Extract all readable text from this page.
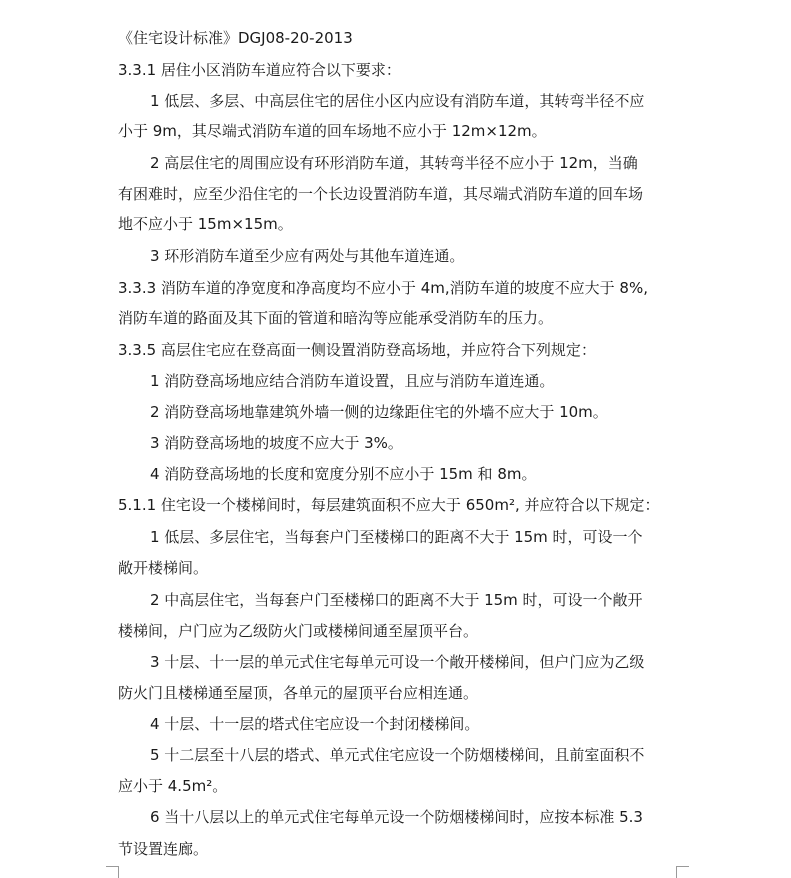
《住宅设计标准》DGJ08-20-2013
3.3.1 居住小区消防车道应符合以下要求：
1 低层、多层、中高层住宅的居住小区内应设有消防车道，其转弯半径不应
小于 9m，其尽端式消防车道的回车场地不应小于 12m×12m。
2 高层住宅的周围应设有环形消防车道，其转弯半径不应小于 12m，当确
有困难时，应至少沿住宅的一个长边设置消防车道，其尽端式消防车道的回车场
地不应小于 15m×15m。
3 环形消防车道至少应有两处与其他车道连通。
3.3.3 消防车道的净宽度和净高度均不应小于 4m,消防车道的坡度不应大于 8%,
消防车道的路面及其下面的管道和暗沟等应能承受消防车的压力。
3.3.5 高层住宅应在登高面一侧设置消防登高场地，并应符合下列规定：
1 消防登高场地应结合消防车道设置，且应与消防车道连通。
2 消防登高场地靠建筑外墙一侧的边缘距住宅的外墙不应大于 10m。
3 消防登高场地的坡度不应大于 3%。
4 消防登高场地的长度和宽度分别不应小于 15m 和 8m。
5.1.1 住宅设一个楼梯间时，每层建筑面积不应大于 650m², 并应符合以下规定：
1 低层、多层住宅，当每套户门至楼梯口的距离不大于 15m 时，可设一个
敞开楼梯间。
2 中高层住宅，当每套户门至楼梯口的距离不大于 15m 时，可设一个敞开
楼梯间，户门应为乙级防火门或楼梯间通至屋顶平台。
3 十层、十一层的单元式住宅每单元可设一个敞开楼梯间，但户门应为乙级
防火门且楼梯通至屋顶，各单元的屋顶平台应相连通。
4 十层、十一层的塔式住宅应设一个封闭楼梯间。
5 十二层至十八层的塔式、单元式住宅应设一个防烟楼梯间，且前室面积不
应小于 4.5m²。
6 当十八层以上的单元式住宅每单元设一个防烟楼梯间时，应按本标准 5.3
节设置连廊。
